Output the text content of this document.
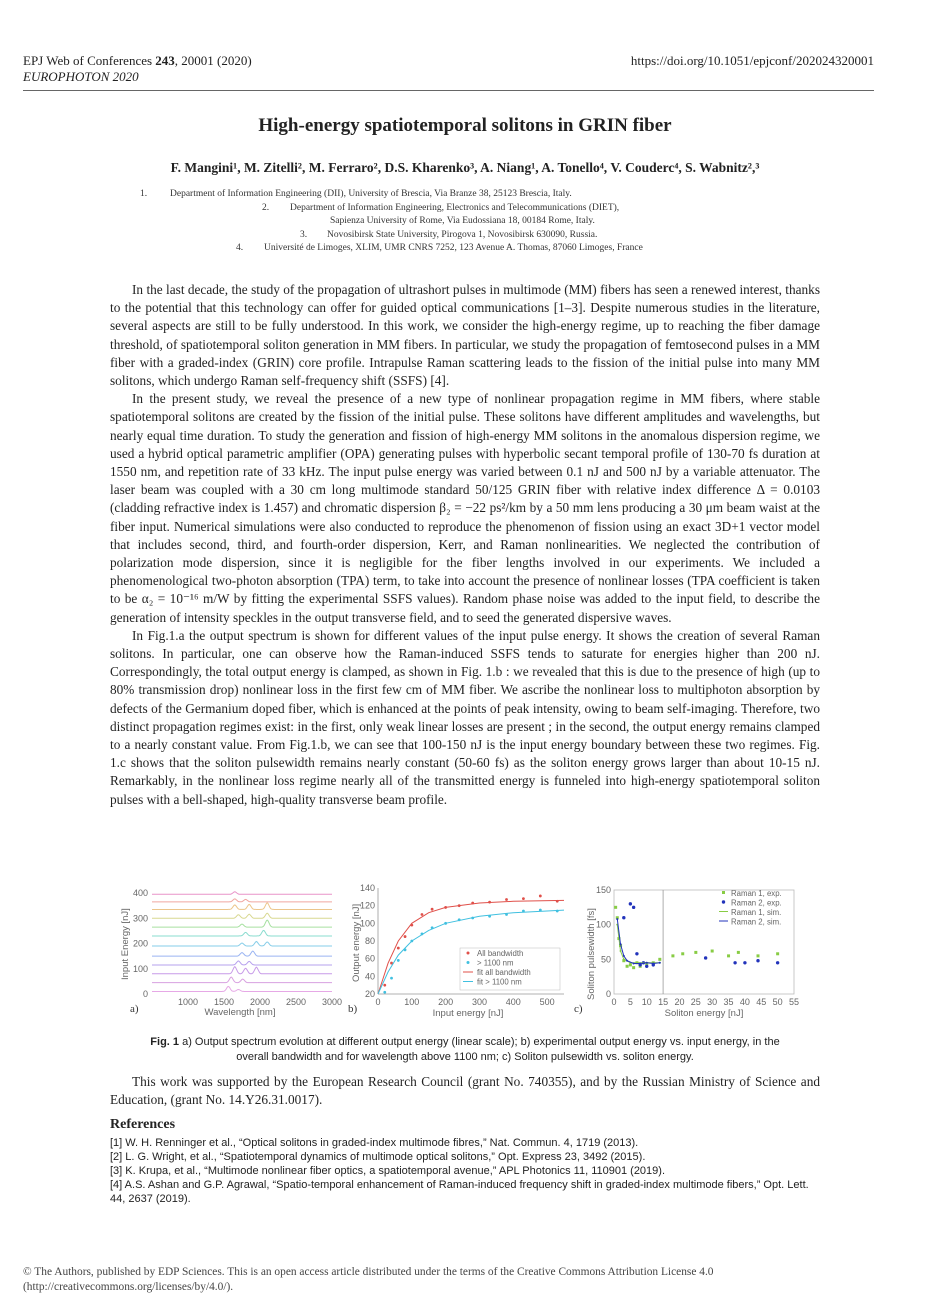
EPJ Web of Conferences 243, 20001 (2020)
EUROPHOTON 2020
https://doi.org/10.1051/epjconf/202024320001
High-energy spatiotemporal solitons in GRIN fiber
F. Mangini¹, M. Zitelli², M. Ferraro², D.S. Kharenko³, A. Niang¹, A. Tonello⁴, V. Couderc⁴, S. Wabnitz²,³
1. Department of Information Engineering (DII), University of Brescia, Via Branze 38, 25123 Brescia, Italy.
2. Department of Information Engineering, Electronics and Telecommunications (DIET),
Sapienza University of Rome, Via Eudossiana 18, 00184 Rome, Italy.
3. Novosibirsk State University, Pirogova 1, Novosibirsk 630090, Russia.
4. Université de Limoges, XLIM, UMR CNRS 7252, 123 Avenue A. Thomas, 87060 Limoges, France

In the last decade, the study of the propagation of ultrashort pulses in multimode (MM) fibers has seen a renewed interest, thanks to the potential that this technology can offer for guided optical communications [1–3]. Despite numerous studies in the literature, several aspects are still to be fully understood. In this work, we consider the high-energy regime, up to reaching the fiber damage threshold, of spatiotemporal soliton generation in MM fibers. In particular, we study the propagation of femtosecond pulses in a MM fiber with a graded-index (GRIN) core profile. Intrapulse Raman scattering leads to the fission of the initial pulse into many MM solitons, which undergo Raman self-frequency shift (SSFS) [4].

In the present study, we reveal the presence of a new type of nonlinear propagation regime in MM fibers, where stable spatiotemporal solitons are created by the fission of the initial pulse. These solitons have different amplitudes and wavelengths, but nearly equal time duration. To study the generation and fission of high-energy MM solitons in the anomalous dispersion regime, we used a hybrid optical parametric amplifier (OPA) generating pulses with hyperbolic secant temporal profile of 130-70 fs duration at 1550 nm, and repetition rate of 33 kHz. The input pulse energy was varied between 0.1 nJ and 500 nJ by a variable attenuator. The laser beam was coupled with a 30 cm long multimode standard 50/125 GRIN fiber with relative index difference Δ = 0.0103 (cladding refractive index is 1.457) and chromatic dispersion β₂ = −22 ps²/km by a 50 mm lens producing a 30 μm beam waist at the fiber input. Numerical simulations were also conducted to reproduce the phenomenon of fission using an exact 3D+1 vector model that includes second, third, and fourth-order dispersion, Kerr, and Raman nonlinearities. We neglected the contribution of polarization mode dispersion, since it is negligible for the fiber lengths involved in our experiments. We included a phenomenological two-photon absorption (TPA) term, to take into account the presence of nonlinear losses (TPA coefficient is taken to be α₂ = 10⁻¹⁶ m/W by fitting the experimental SSFS values). Random phase noise was added to the input field, to describe the generation of intensity speckles in the output transverse field, and to seed the generated dispersive waves.

In Fig.1.a the output spectrum is shown for different values of the input pulse energy. It shows the creation of several Raman solitons. In particular, one can observe how the Raman-induced SSFS tends to saturate for energies higher than 200 nJ. Correspondingly, the total output energy is clamped, as shown in Fig. 1.b : we revealed that this is due to the presence of high (up to 80% transmission drop) nonlinear loss in the first few cm of MM fiber. We ascribe the nonlinear loss to multiphoton absorption by defects of the Germanium doped fiber, which is enhanced at the points of peak intensity, owing to beam self-imaging. Therefore, two distinct propagation regimes exist: in the first, only weak linear losses are present ; in the second, the output energy remains clamped to a nearly constant value. From Fig.1.b, we can see that 100-150 nJ is the input energy boundary between these two regimes. Fig. 1.c shows that the soliton pulsewidth remains nearly constant (50-60 fs) as the soliton energy grows larger than about 10-15 nJ. Remarkably, in the nonlinear loss regime nearly all of the transmitted energy is funneled into high-energy spatiotemporal soliton pulses with a bell-shaped, high-quality transverse beam profile.

Input Energy [nJ]
0
100
200
300
400
1000 1500 2000 2500 3000
Wavelength [nm]
a)
Output energy [nJ]
20
40
60
80
100
120
140
0	100 200 300 400 500
All bandwidth
> 1100 nm
fit all bandwidth
fit > 1100 nm
Input energy [nJ]
b)
Soliton pulsewidth [fs] 0
50
100
150
0 5 10 15 20 25 30 35 40 45 50 55
Raman 1, exp.
Raman 2, exp.
Raman 1, sim.
Raman 2, sim.
Soliton energy [nJ]
c)
Fig. 1 a) Output spectrum evolution at different output energy (linear scale); b) experimental output energy vs. input energy, in the overall bandwidth and for wavelength above 1100 nm; c) Soliton pulsewidth vs. soliton energy.

This work was supported by the European Research Council (grant No. 740355), and by the Russian Ministry of Science and Education, (grant No. 14.Y26.31.0017).

References
[1] W. H. Renninger et al., “Optical solitons in graded-index multimode fibres,” Nat. Commun. 4, 1719 (2013).
[2] L. G. Wright, et al., “Spatiotemporal dynamics of multimode optical solitons,” Opt. Express 23, 3492 (2015).
[3] K. Krupa, et al., “Multimode nonlinear fiber optics, a spatiotemporal avenue,” APL Photonics 11, 110901 (2019).
[4] A.S. Ashan and G.P. Agrawal, “Spatio-temporal enhancement of Raman-induced frequency shift in graded-index multimode fibers,” Opt. Lett. 44, 2637 (2019).
© The Authors, published by EDP Sciences. This is an open access article distributed under the terms of the Creative Commons Attribution License 4.0 (http://creativecommons.org/licenses/by/4.0/).
